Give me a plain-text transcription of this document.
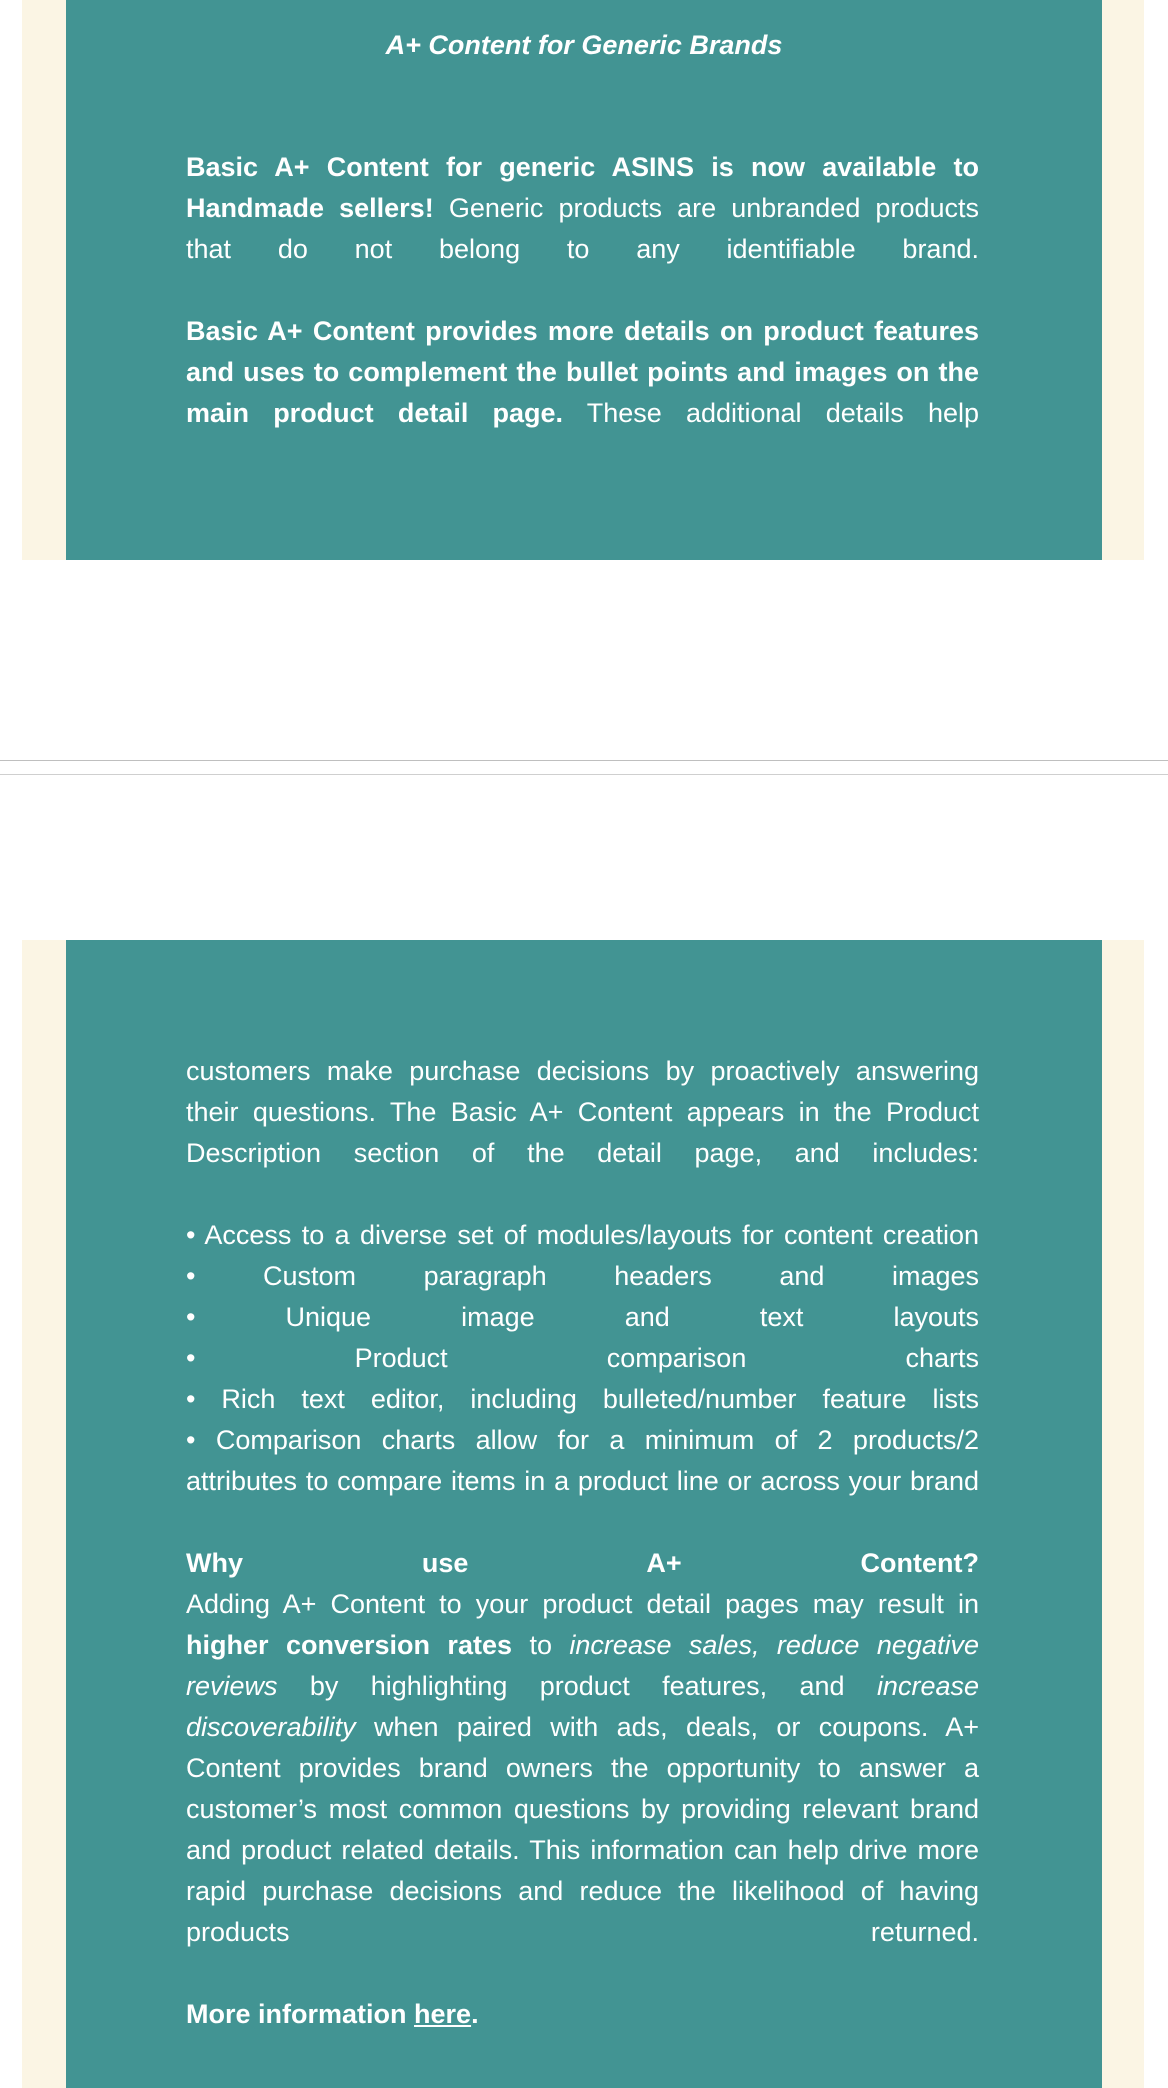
A+ Content for Generic Brands

Basic A+ Content for generic ASINS is now available to Handmade sellers! Generic products are unbranded products that do not belong to any identifiable brand.

Basic A+ Content provides more details on product features and uses to complement the bullet points and images on the main product detail page. These additional details help

customers make purchase decisions by proactively answering their questions. The Basic A+ Content appears in the Product Description section of the detail page, and includes:

• Access to a diverse set of modules/layouts for content creation

• Custom paragraph headers and images

• Unique image and text layouts

• Product comparison charts

• Rich text editor, including bulleted/number feature lists

• Comparison charts allow for a minimum of 2 products/2 attributes to compare items in a product line or across your brand

Why use A+ Content?

Adding A+ Content to your product detail pages may result in higher conversion rates to increase sales, reduce negative reviews by highlighting product features, and increase discoverability when paired with ads, deals, or coupons. A+ Content provides brand owners the opportunity to answer a customer’s most common questions by providing relevant brand and product related details. This information can help drive more rapid purchase decisions and reduce the likelihood of having products returned.

More information here.
